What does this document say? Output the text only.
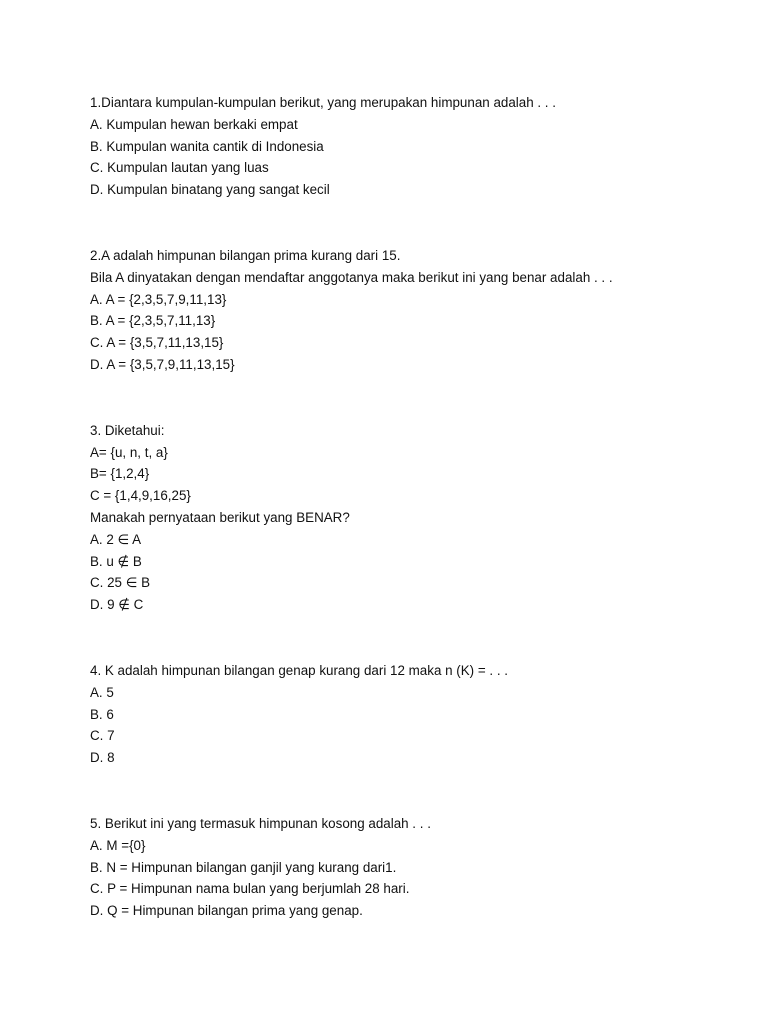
1.Diantara kumpulan-kumpulan berikut, yang merupakan himpunan adalah . . .
A. Kumpulan hewan berkaki empat
B. Kumpulan wanita cantik di Indonesia
C. Kumpulan lautan yang luas
D. Kumpulan binatang yang sangat kecil
2.A adalah himpunan bilangan prima kurang dari 15.
Bila A dinyatakan dengan mendaftar anggotanya maka berikut ini yang benar adalah . . .
A. A = {2,3,5,7,9,11,13}
B. A = {2,3,5,7,11,13}
C. A = {3,5,7,11,13,15}
D. A = {3,5,7,9,11,13,15}
3. Diketahui:
A= {u, n, t, a}
B= {1,2,4}
C = {1,4,9,16,25}
Manakah pernyataan berikut yang BENAR?
A. 2 ∈ A
B. u ∉ B
C. 25 ∈ B
D. 9 ∉ C
4. K adalah himpunan bilangan genap kurang dari 12 maka n (K) = . . .
A. 5
B. 6
C. 7
D. 8
5. Berikut ini yang termasuk himpunan kosong adalah . . .
A. M ={0}
B. N = Himpunan bilangan ganjil yang kurang dari1.
C. P = Himpunan nama bulan yang berjumlah 28 hari.
D. Q = Himpunan bilangan prima yang genap.
